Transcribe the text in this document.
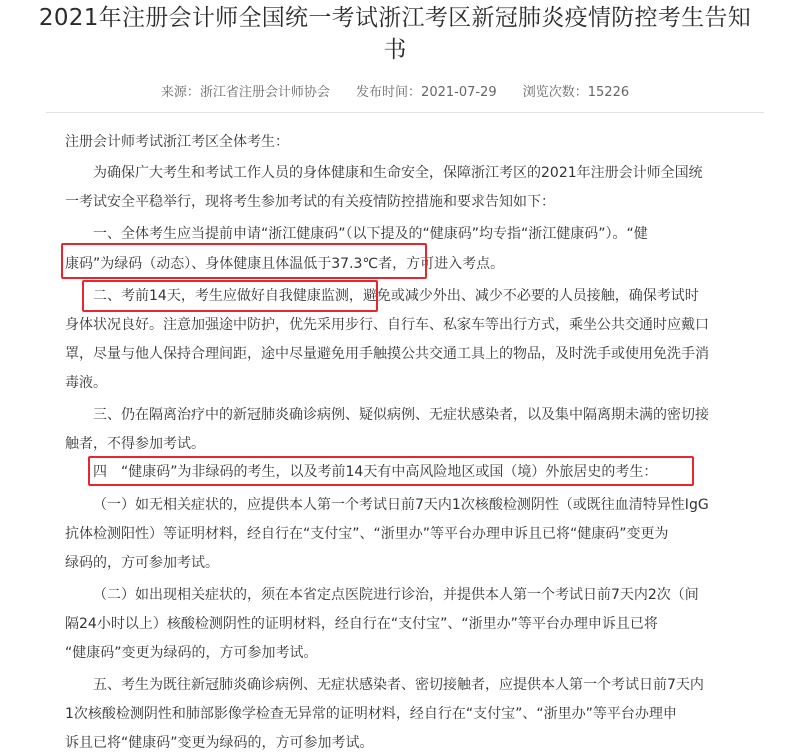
2021年注册会计师全国统一考试浙江考区新冠肺炎疫情防控考生告知
书
来源：浙江省注册会计师协会 发布时间：2021-07-29 浏览次数：15226
注册会计师考试浙江考区全体考生：
为确保广大考生和考试工作人员的身体健康和生命安全，保障浙江考区的2021年注册会计师全国统
一考试安全平稳举行，现将考生参加考试的有关疫情防控措施和要求告知如下：
一、全体考生应当提前申请“浙江健康码”（以下提及的“健康码”均专指“浙江健康码”）。“健
康码”为绿码（动态）、身体健康且体温低于37.3℃者，方可进入考点。
二、考前14天，考生应做好自我健康监测，避免或减少外出、减少不必要的人员接触，确保考试时
身体状况良好。注意加强途中防护，优先采用步行、自行车、私家车等出行方式，乘坐公共交通时应戴口
罩，尽量与他人保持合理间距，途中尽量避免用手触摸公共交通工具上的物品，及时洗手或使用免洗手消
毒液。
三、仍在隔离治疗中的新冠肺炎确诊病例、疑似病例、无症状感染者，以及集中隔离期未满的密切接
触者，不得参加考试。
四　“健康码”为非绿码的考生，以及考前14天有中高风险地区或国（境）外旅居史的考生：
（一）如无相关症状的，应提供本人第一个考试日前7天内1次核酸检测阴性（或既往血清特异性IgG
抗体检测阳性）等证明材料，经自行在“支付宝”、“浙里办”等平台办理申诉且已将“健康码”变更为
绿码的，方可参加考试。
（二）如出现相关症状的，须在本省定点医院进行诊治，并提供本人第一个考试日前7天内2次（间
隔24小时以上）核酸检测阴性的证明材料，经自行在“支付宝”、“浙里办”等平台办理申诉且已将
“健康码”变更为绿码的，方可参加考试。
五、考生为既往新冠肺炎确诊病例、无症状感染者、密切接触者，应提供本人第一个考试日前7天内
1次核酸检测阴性和肺部影像学检查无异常的证明材料，经自行在“支付宝”、“浙里办”等平台办理申
诉且已将“健康码”变更为绿码的，方可参加考试。
